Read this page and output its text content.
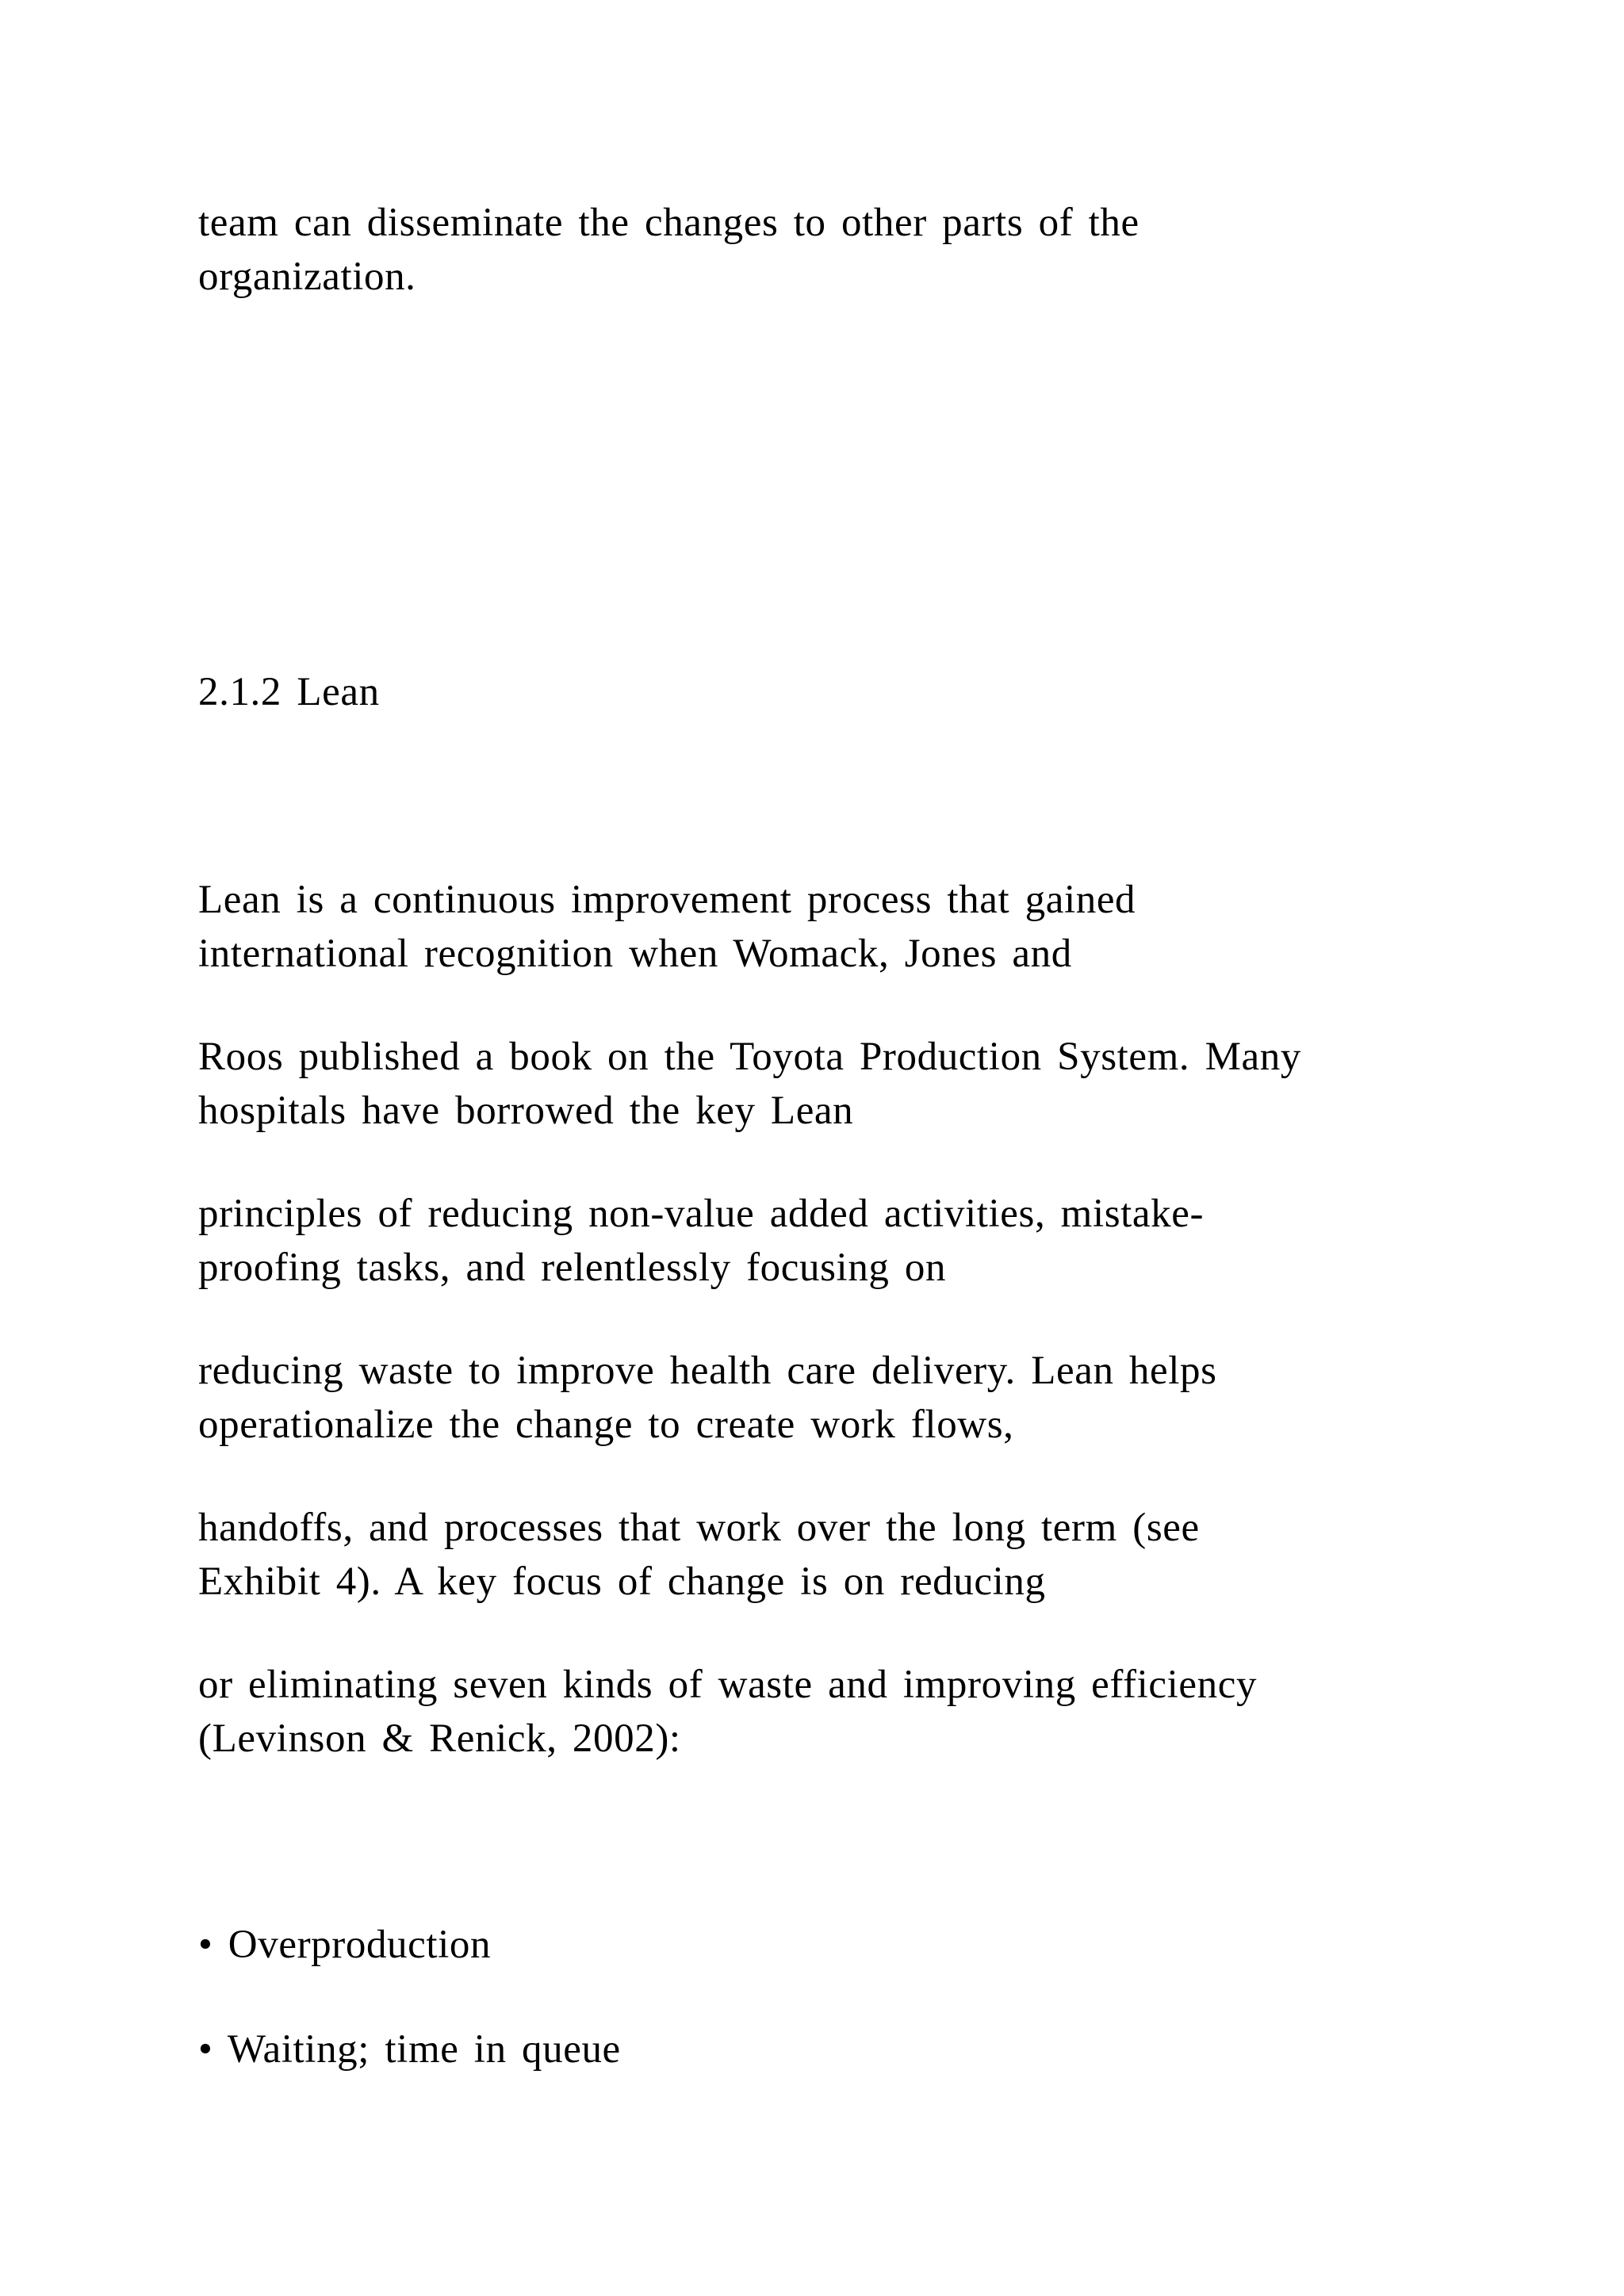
team can disseminate the changes to other parts of the
organization.
2.1.2 Lean
Lean is a continuous improvement process that gained
international recognition when Womack, Jones and
Roos published a book on the Toyota Production System. Many
hospitals have borrowed the key Lean
principles of reducing non-value added activities, mistake-
proofing tasks, and relentlessly focusing on
reducing waste to improve health care delivery. Lean helps
operationalize the change to create work flows,
handoffs, and processes that work over the long term (see
Exhibit 4). A key focus of change is on reducing
or eliminating seven kinds of waste and improving efficiency
(Levinson & Renick, 2002):
• Overproduction
• Waiting; time in queue
